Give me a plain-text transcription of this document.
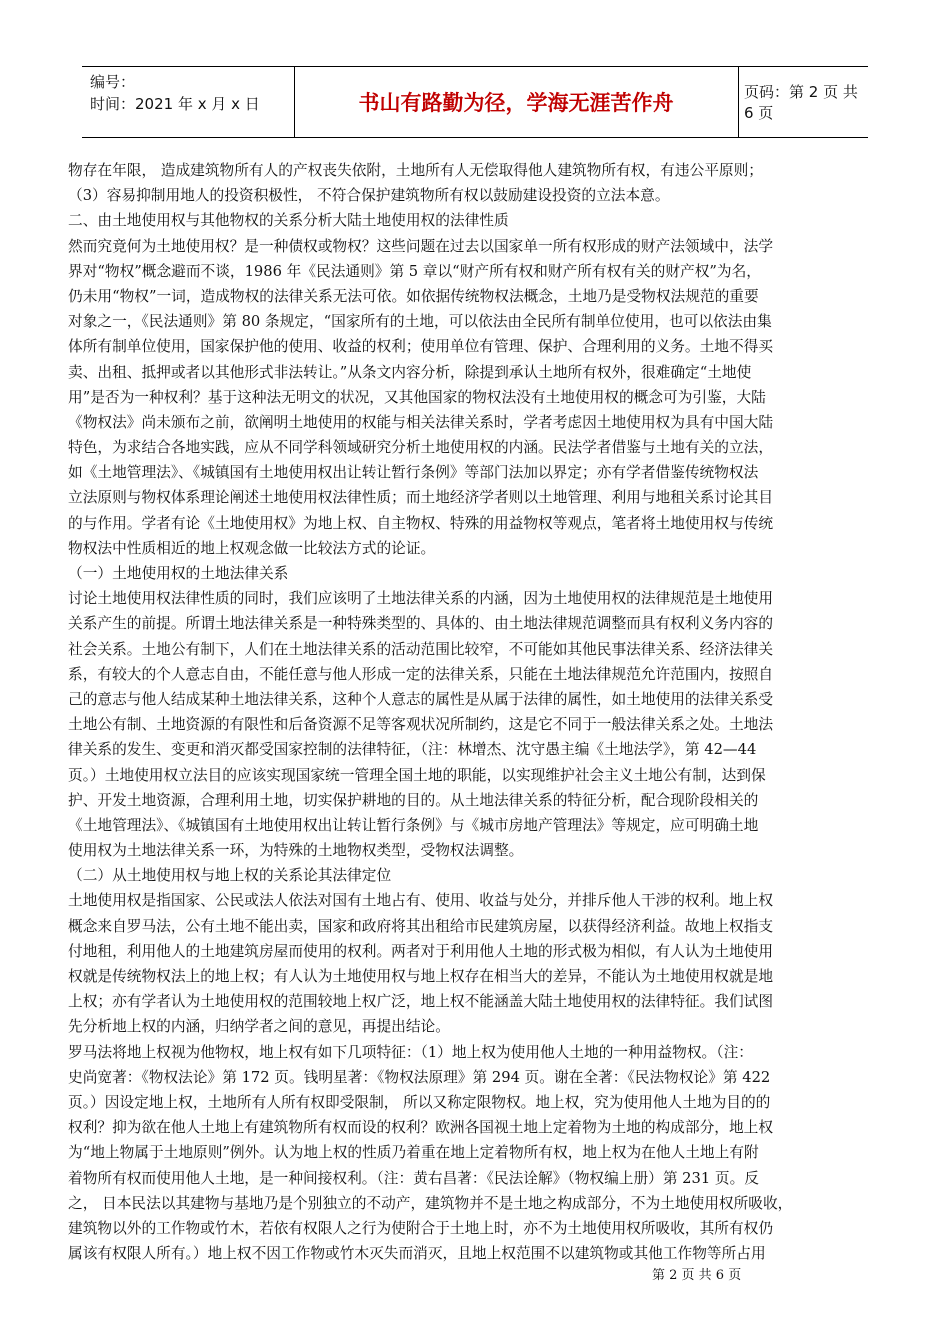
编号：
时间：2021 年 x 月 x 日	书山有路勤为径，学海无涯苦作舟	页码：第 2 页 共 6 页
物存在年限， 造成建筑物所有人的产权丧失依附，土地所有人无偿取得他人建筑物所有权，有违公平原则；
（3）容易抑制用地人的投资积极性， 不符合保护建筑物所有权以鼓励建设投资的立法本意。
二、由土地使用权与其他物权的关系分析大陆土地使用权的法律性质
然而究竟何为土地使用权？是一种债权或物权？这些问题在过去以国家单一所有权形成的财产法领域中，法学
界对“物权”概念避而不谈，1986 年《民法通则》第 5 章以“财产所有权和财产所有权有关的财产权”为名，
仍未用“物权”一词，造成物权的法律关系无法可依。如依据传统物权法概念，土地乃是受物权法规范的重要
对象之一，《民法通则》第 80 条规定，“国家所有的土地，可以依法由全民所有制单位使用，也可以依法由集
体所有制单位使用，国家保护他的使用、收益的权利；使用单位有管理、保护、合理利用的义务。土地不得买
卖、出租、抵押或者以其他形式非法转让。”从条文内容分析，除提到承认土地所有权外，很难确定“土地使
用”是否为一种权利？基于这种法无明文的状况，又其他国家的物权法没有土地使用权的概念可为引鉴，大陆
《物权法》尚未颁布之前，欲阐明土地使用的权能与相关法律关系时，学者考虑因土地使用权为具有中国大陆
特色，为求结合各地实践，应从不同学科领域研究分析土地使用权的内涵。民法学者借鉴与土地有关的立法，
如《土地管理法》、《城镇国有土地使用权出让转让暂行条例》等部门法加以界定；亦有学者借鉴传统物权法
立法原则与物权体系理论阐述土地使用权法律性质；而土地经济学者则以土地管理、利用与地租关系讨论其目
的与作用。学者有论《土地使用权》为地上权、自主物权、特殊的用益物权等观点，笔者将土地使用权与传统
物权法中性质相近的地上权观念做一比较法方式的论证。
（一）土地使用权的土地法律关系
讨论土地使用权法律性质的同时，我们应该明了土地法律关系的内涵，因为土地使用权的法律规范是土地使用
关系产生的前提。所谓土地法律关系是一种特殊类型的、具体的、由土地法律规范调整而具有权利义务内容的
社会关系。土地公有制下，人们在土地法律关系的活动范围比较窄，不可能如其他民事法律关系、经济法律关
系，有较大的个人意志自由，不能任意与他人形成一定的法律关系，只能在土地法律规范允许范围内，按照自
己的意志与他人结成某种土地法律关系，这种个人意志的属性是从属于法律的属性，如土地使用的法律关系受
土地公有制、土地资源的有限性和后备资源不足等客观状况所制约，这是它不同于一般法律关系之处。土地法
律关系的发生、变更和消灭都受国家控制的法律特征，（注：林增杰、沈守愚主编《土地法学》，第 42—44
页。）土地使用权立法目的应该实现国家统一管理全国土地的职能，以实现维护社会主义土地公有制，达到保
护、开发土地资源，合理利用土地，切实保护耕地的目的。从土地法律关系的特征分析，配合现阶段相关的
《土地管理法》、《城镇国有土地使用权出让转让暂行条例》与《城市房地产管理法》等规定，应可明确土地
使用权为土地法律关系一环，为特殊的土地物权类型，受物权法调整。
（二）从土地使用权与地上权的关系论其法律定位
土地使用权是指国家、公民或法人依法对国有土地占有、使用、收益与处分，并排斥他人干涉的权利。地上权
概念来自罗马法，公有土地不能出卖，国家和政府将其出租给市民建筑房屋，以获得经济利益。故地上权指支
付地租，利用他人的土地建筑房屋而使用的权利。两者对于利用他人土地的形式极为相似，有人认为土地使用
权就是传统物权法上的地上权；有人认为土地使用权与地上权存在相当大的差异，不能认为土地使用权就是地
上权；亦有学者认为土地使用权的范围较地上权广泛，地上权不能涵盖大陆土地使用权的法律特征。我们试图
先分析地上权的内涵，归纳学者之间的意见，再提出结论。
罗马法将地上权视为他物权，地上权有如下几项特征：（1）地上权为使用他人土地的一种用益物权。（注：
史尚宽著：《物权法论》第 172 页。钱明星著：《物权法原理》第 294 页。谢在全著：《民法物权论》第 422
页。）因设定地上权，土地所有人所有权即受限制， 所以又称定限物权。地上权，究为使用他人土地为目的的
权利？抑为欲在他人土地上有建筑物所有权而设的权利？欧洲各国视土地上定着物为土地的构成部分，地上权
为“地上物属于土地原则”例外。认为地上权的性质乃着重在地上定着物所有权，地上权为在他人土地上有附
着物所有权而使用他人土地，是一种间接权利。（注：黄右昌著：《民法诠解》（物权编上册）第 231 页。反
之， 日本民法以其建物与基地乃是个别独立的不动产，建筑物并不是土地之构成部分，不为土地使用权所吸收，
建筑物以外的工作物或竹木，若依有权限人之行为使附合于土地上时，亦不为土地使用权所吸收，其所有权仍
属该有权限人所有。）地上权不因工作物或竹木灭失而消灭，且地上权范围不以建筑物或其他工作物等所占用
第 2 页 共 6 页
